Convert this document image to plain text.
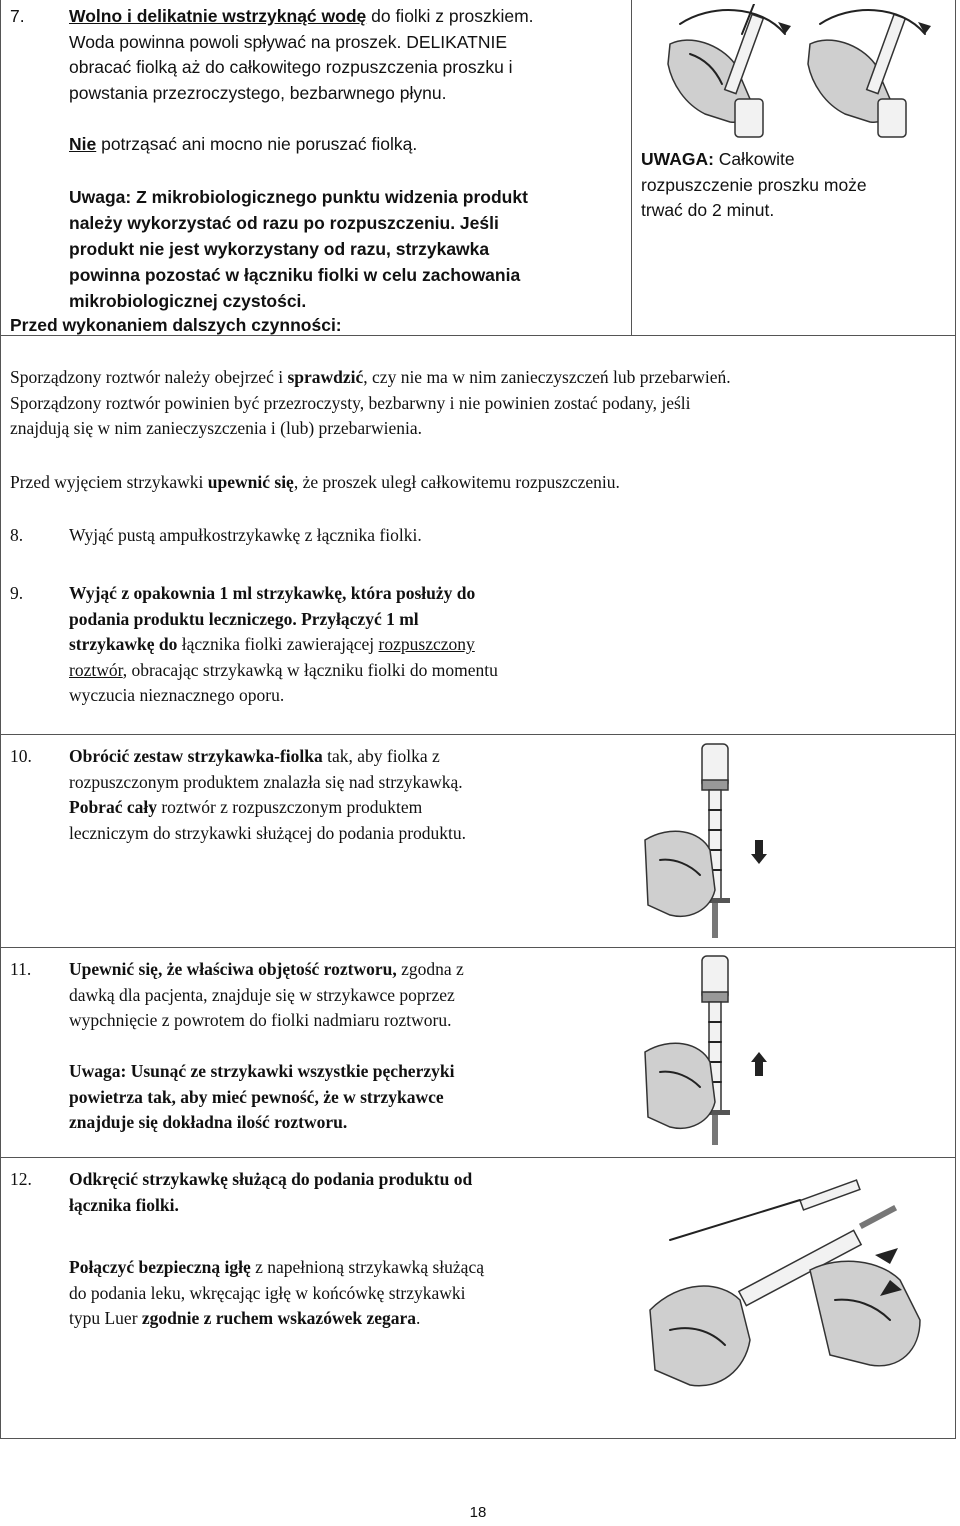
7.	Wolno i delikatnie wstrzyknąć wodę do fiolki z proszkiem.

Woda powinna powoli spływać na proszek. DELIKATNIE

obracać fiolką aż do całkowitego rozpuszczenia proszku i

powstania przezroczystego, bezbarwnego płynu.

Nie potrząsać ani mocno nie poruszać fiolką.

Uwaga: Z mikrobiologicznego punktu widzenia produkt

należy wykorzystać od razu po rozpuszczeniu. Jeśli

produkt nie jest wykorzystany od razu, strzykawka

powinna pozostać w łączniku fiolki w celu zachowania

mikrobiologicznej czystości.

Przed wykonaniem dalszych czynności:

UWAGA: Całkowite

rozpuszczenie proszku może

trwać do 2 minut.

Sporządzony roztwór należy obejrzeć i sprawdzić, czy nie ma w nim zanieczyszczeń lub przebarwień.

Sporządzony roztwór powinien być przezroczysty, bezbarwny i nie powinien zostać podany, jeśli

znajdują się w nim zanieczyszczenia i (lub) przebarwienia.

Przed wyjęciem strzykawki upewnić się, że proszek uległ całkowitemu rozpuszczeniu.

8.	Wyjąć pustą ampułkostrzykawkę z łącznika fiolki.
9.	Wyjąć z opakownia 1 ml strzykawkę, która posłuży do

podania produktu leczniczego. Przyłączyć 1 ml

strzykawkę do łącznika fiolki zawierającej rozpuszczony

roztwór, obracając strzykawką w łączniku fiolki do momentu

wyczucia nieznacznego oporu.

10. Obrócić zestaw strzykawka-fiolka tak, aby fiolka z

rozpuszczonym produktem znalazła się nad strzykawką.

Pobrać cały roztwór z rozpuszczonym produktem

leczniczym do strzykawki służącej do podania produktu.

11. Upewnić się, że właściwa objętość roztworu, zgodna z

dawką dla pacjenta, znajduje się w strzykawce poprzez

wypchnięcie z powrotem do fiolki nadmiaru roztworu.

Uwaga: Usunąć ze strzykawki wszystkie pęcherzyki

powietrza tak, aby mieć pewność, że w strzykawce

znajduje się dokładna ilość roztworu.

12. Odkręcić strzykawkę służącą do podania produktu od

łącznika fiolki.

Połączyć bezpieczną igłę z napełnioną strzykawką służącą

do podania leku, wkręcając igłę w końcówkę strzykawki

typu Luer zgodnie z ruchem wskazówek zegara.

18
